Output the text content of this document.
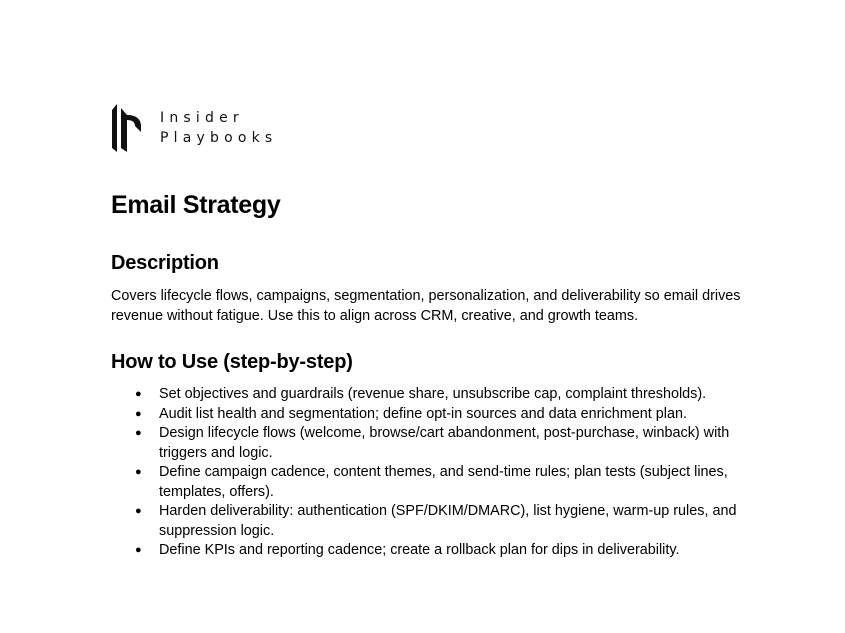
Insider
Playbooks
Email Strategy
Description

Covers lifecycle flows, campaigns, segmentation, personalization, and deliverability so email drives revenue without fatigue. Use this to align across CRM, creative, and growth teams.

How to Use (step-by-step)
● Set objectives and guardrails (revenue share, unsubscribe cap, complaint thresholds).
● Audit list health and segmentation; define opt-in sources and data enrichment plan.
● Design lifecycle flows (welcome, browse/cart abandonment, post-purchase, winback) with triggers and logic.
● Define campaign cadence, content themes, and send-time rules; plan tests (subject lines, templates, offers).
● Harden deliverability: authentication (SPF/DKIM/DMARC), list hygiene, warm-up rules, and suppression logic.
● Define KPIs and reporting cadence; create a rollback plan for dips in deliverability.
